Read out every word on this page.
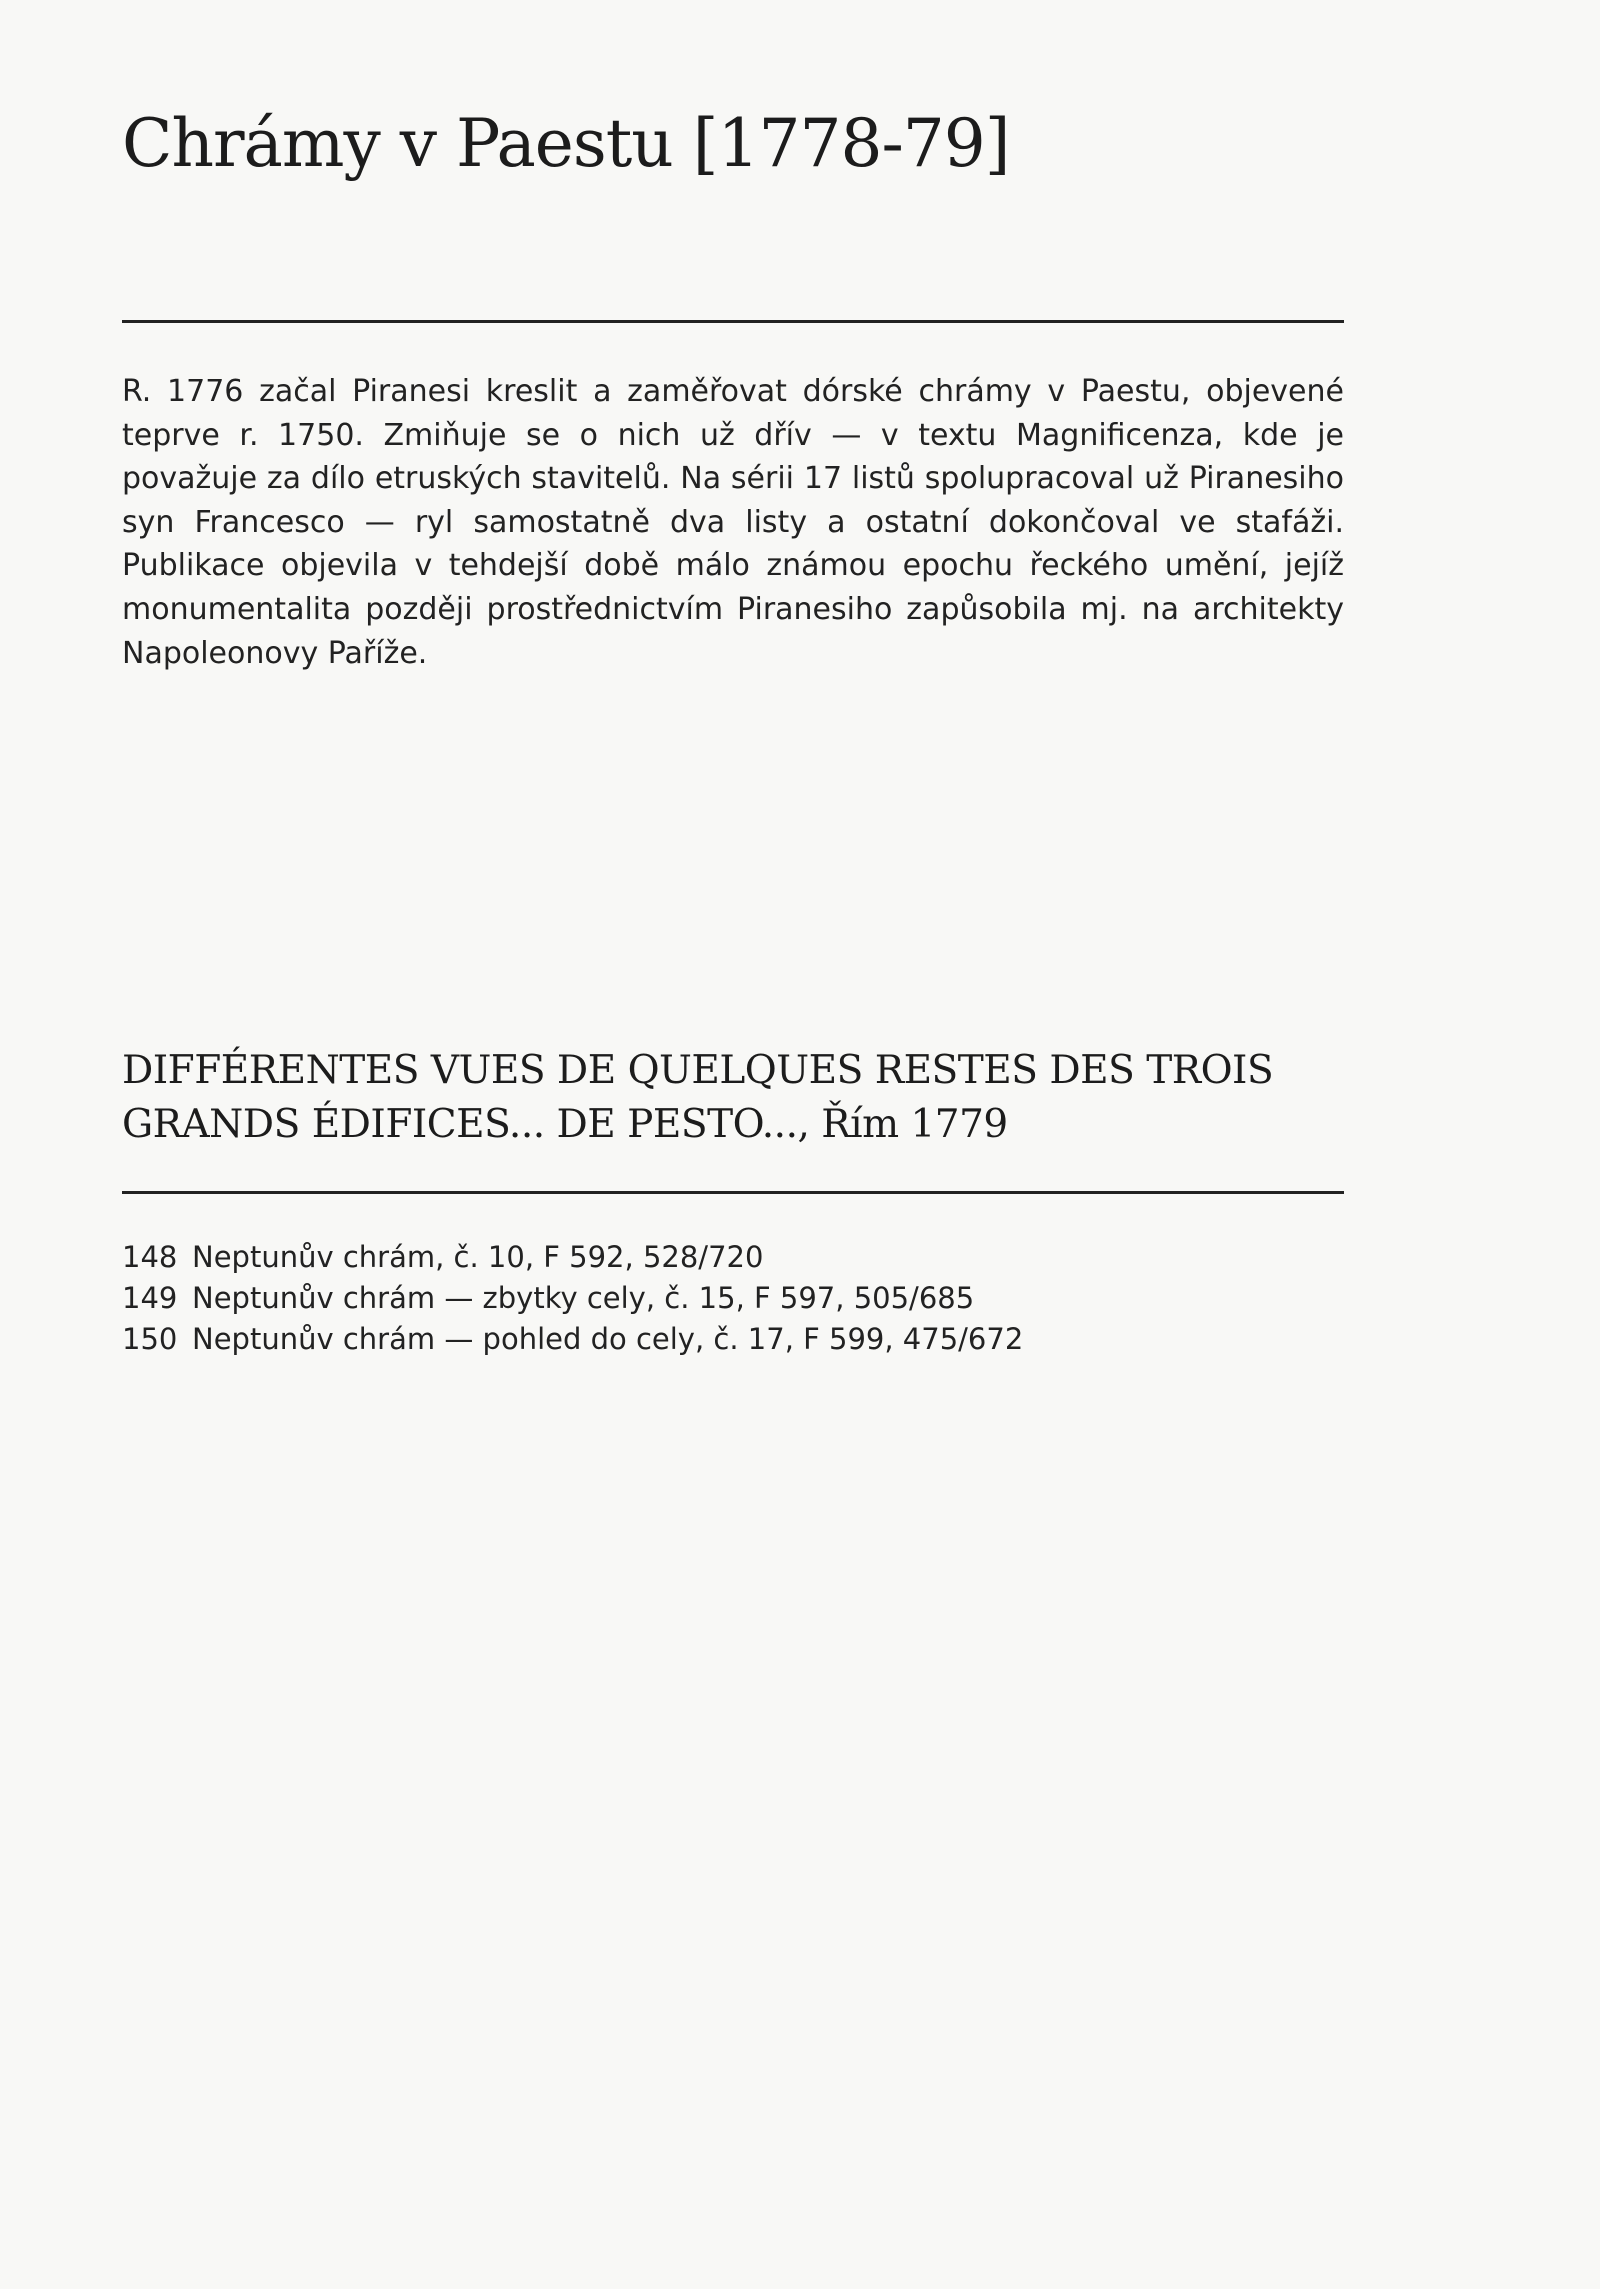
Chrámy v Paestu [1778-79]

R. 1776 začal Piranesi kreslit a zaměřovat dórské chrámy v Paestu, objevené teprve r. 1750. Zmiňuje se o nich už dřív — v textu Magnificenza, kde je považuje za dílo etruských stavitelů. Na sérii 17 listů spolupracoval už Piranesiho syn Francesco — ryl samostatně dva listy a ostatní dokončoval ve stafáži. Publikace objevila v tehdejší době málo známou epochu řeckého umění, jejíž monumentalita později prostřednictvím Piranesiho zapůsobila mj. na architekty Napoleonovy Paříže.

DIFFÉRENTES VUES DE QUELQUES RESTES DES TROIS
GRANDS ÉDIFICES... DE PESTO..., Řím 1779
148 Neptunův chrám, č. 10, F 592, 528/720
149 Neptunův chrám — zbytky cely, č. 15, F 597, 505/685
150 Neptunův chrám — pohled do cely, č. 17, F 599, 475/672
